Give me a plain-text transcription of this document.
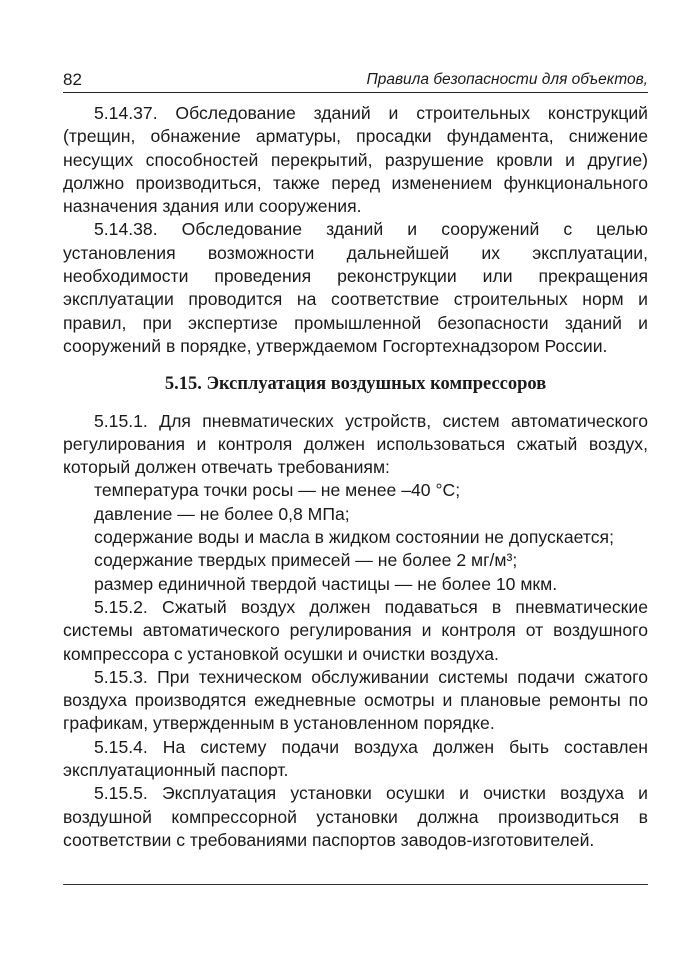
82	Правила безопасности для объектов,

5.14.37. Обследование зданий и строительных конструкций (трещин, обнажение арматуры, просадки фундамента, снижение несущих способностей перекрытий, разрушение кровли и другие) должно производиться, также перед изменением функционального назначения здания или сооружения.

5.14.38. Обследование зданий и сооружений с целью установления возможности дальнейшей их эксплуатации, необходимости проведения реконструкции или прекращения эксплуатации проводится на соответствие строительных норм и правил, при экспертизе промышленной безопасности зданий и сооружений в порядке, утверждаемом Госгортехнадзором России.

5.15. Эксплуатация воздушных компрессоров

5.15.1. Для пневматических устройств, систем автоматического регулирования и контроля должен использоваться сжатый воздух, который должен отвечать требованиям:

температура точки росы — не менее –40 °С;

давление — не более 0,8 МПа;

содержание воды и масла в жидком состоянии не допускается;

содержание твердых примесей — не более 2 мг/м³;

размер единичной твердой частицы — не более 10 мкм.

5.15.2. Сжатый воздух должен подаваться в пневматические системы автоматического регулирования и контроля от воздушного компрессора с установкой осушки и очистки воздуха.

5.15.3. При техническом обслуживании системы подачи сжатого воздуха производятся ежедневные осмотры и плановые ремонты по графикам, утвержденным в установленном порядке.

5.15.4. На систему подачи воздуха должен быть составлен эксплуатационный паспорт.

5.15.5. Эксплуатация установки осушки и очистки воздуха и воздушной компрессорной установки должна производиться в соответствии с требованиями паспортов заводов-изготовителей.
